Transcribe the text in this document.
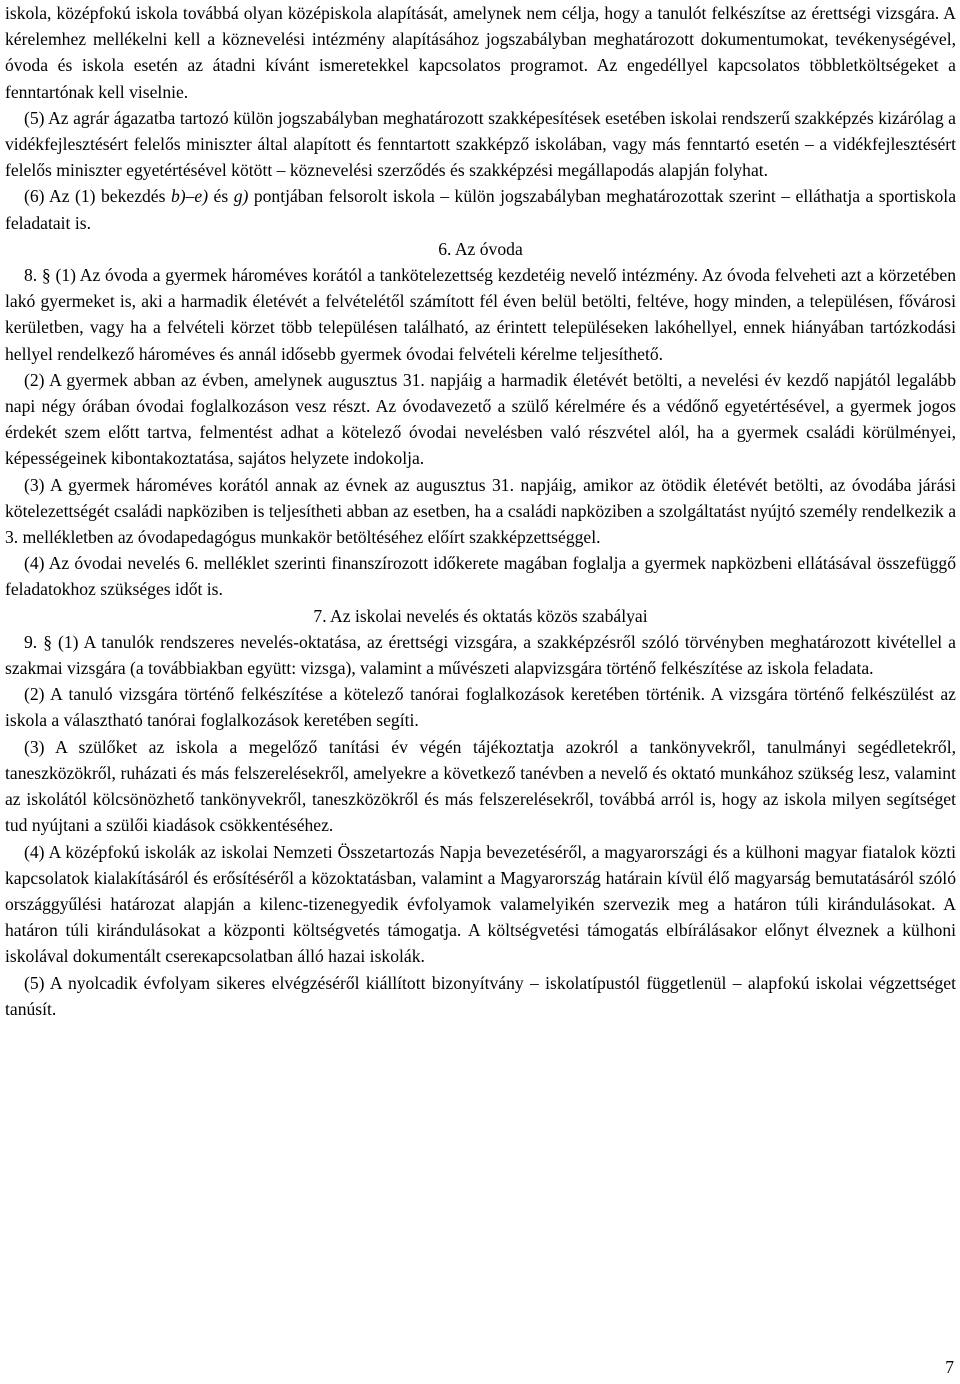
iskola, középfokú iskola továbbá olyan középiskola alapítását, amelynek nem célja, hogy a tanulót felkészítse az érettségi vizsgára. A kérelemhez mellékelni kell a köznevelési intézmény alapításához jogszabályban meghatározott dokumentumokat, tevékenységével, óvoda és iskola esetén az átadni kívánt ismeretekkel kapcsolatos programot. Az engedéllyel kapcsolatos többletköltségeket a fenntartónak kell viselnie.

(5) Az agrár ágazatba tartozó külön jogszabályban meghatározott szakképesítések esetében iskolai rendszerű szakképzés kizárólag a vidékfejlesztésért felelős miniszter által alapított és fenntartott szakképző iskolában, vagy más fenntartó esetén – a vidékfejlesztésért felelős miniszter egyetértésével kötött – köznevelési szerződés és szakképzési megállapodás alapján folyhat.

(6) Az (1) bekezdés b)–e) és g) pontjában felsorolt iskola – külön jogszabályban meghatározottak szerint – elláthatja a sportiskola feladatait is.

6. Az óvoda

8. § (1) Az óvoda a gyermek hároméves korától a tankötelezettség kezdetéig nevelő intézmény. Az óvoda felveheti azt a körzetében lakó gyermeket is, aki a harmadik életévét a felvételétől számított fél éven belül betölti, feltéve, hogy minden, a településen, fővárosi kerületben, vagy ha a felvételi körzet több településen található, az érintett településeken lakóhellyel, ennek hiányában tartózkodási hellyel rendelkező hároméves és annál idősebb gyermek óvodai felvételi kérelme teljesíthető.

(2) A gyermek abban az évben, amelynek augusztus 31. napjáig a harmadik életévét betölti, a nevelési év kezdő napjától legalább napi négy órában óvodai foglalkozáson vesz részt. Az óvodavezető a szülő kérelmére és a védőnő egyetértésével, a gyermek jogos érdekét szem előtt tartva, felmentést adhat a kötelező óvodai nevelésben való részvétel alól, ha a gyermek családi körülményei, képességeinek kibontakoztatása, sajátos helyzete indokolja.

(3) A gyermek hároméves korától annak az évnek az augusztus 31. napjáig, amikor az ötödik életévét betölti, az óvodába járási kötelezettségét családi napköziben is teljesítheti abban az esetben, ha a családi napköziben a szolgáltatást nyújtó személy rendelkezik a 3. mellékletben az óvodapedagógus munkakör betöltéséhez előírt szakképzettséggel.

(4) Az óvodai nevelés 6. melléklet szerinti finanszírozott időkerete magában foglalja a gyermek napközbeni ellátásával összefüggő feladatokhoz szükséges időt is.

7. Az iskolai nevelés és oktatás közös szabályai

9. § (1) A tanulók rendszeres nevelés-oktatása, az érettségi vizsgára, a szakképzésről szóló törvényben meghatározott kivétellel a szakmai vizsgára (a továbbiakban együtt: vizsga), valamint a művészeti alapvizsgára történő felkészítése az iskola feladata.

(2) A tanuló vizsgára történő felkészítése a kötelező tanórai foglalkozások keretében történik. A vizsgára történő felkészülést az iskola a választható tanórai foglalkozások keretében segíti.

(3) A szülőket az iskola a megelőző tanítási év végén tájékoztatja azokról a tankönyvekről, tanulmányi segédletekről, taneszközökről, ruházati és más felszerelésekről, amelyekre a következő tanévben a nevelő és oktató munkához szükség lesz, valamint az iskolától kölcsönözhető tankönyvekről, taneszközökről és más felszerelésekről, továbbá arról is, hogy az iskola milyen segítséget tud nyújtani a szülői kiadások csökkentéséhez.

(4) A középfokú iskolák az iskolai Nemzeti Összetartozás Napja bevezetéséről, a magyarországi és a külhoni magyar fiatalok közti kapcsolatok kialakításáról és erősítéséről a közoktatásban, valamint a Magyarország határain kívül élő magyarság bemutatásáról szóló országgyűlési határozat alapján a kilenc-tizenegyedik évfolyamok valamelyikén szervezik meg a határon túli kirándulásokat. A határon túli kirándulásokat a központi költségvetés támogatja. A költségvetési támogatás elbírálásakor előnyt élveznek a külhoni iskolával dokumentált csereкapcsolatban álló hazai iskolák.

(5) A nyolcadik évfolyam sikeres elvégzéséről kiállított bizonyítvány – iskolatípustól függetlenül – alapfokú iskolai végzettséget tanúsít.

7
